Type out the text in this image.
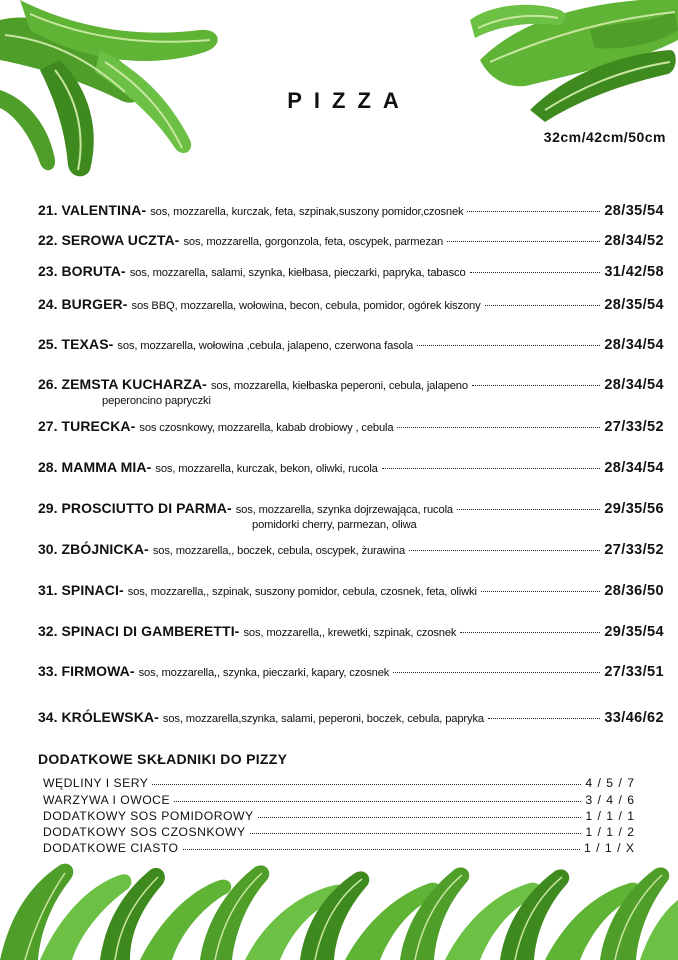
PIZZA
32cm/42cm/50cm
21. VALENTINA- sos, mozzarella, kurczak, feta, szpinak,suszony pomidor,czosnek	28/35/54
22. SEROWA UCZTA- sos, mozzarella, gorgonzola, feta, oscypek, parmezan	28/34/52
23. BORUTA- sos, mozzarella, salami, szynka, kiełbasa, pieczarki, papryka, tabasco	31/42/58
24. BURGER- sos BBQ, mozzarella, wołowina, becon, cebula, pomidor, ogórek kiszony	28/35/54
25. TEXAS- sos, mozzarella, wołowina ,cebula, jalapeno, czerwona fasola	28/34/54
26. ZEMSTA KUCHARZA- sos, mozzarella, kiełbaska peperoni, cebula, jalapeno	28/34/54
peperoncino papryczki
27. TURECKA- sos czosnkowy, mozzarella, kabab drobiowy , cebula	27/33/52
28. MAMMA MIA- sos, mozzarella, kurczak, bekon, oliwki, rucola	28/34/54
29. PROSCIUTTO DI PARMA- sos, mozzarella, szynka dojrzewająca, rucola	29/35/56
pomidorki cherry, parmezan, oliwa
30. ZBÓJNICKA- sos, mozzarella,, boczek, cebula, oscypek, żurawina	27/33/52
31. SPINACI- sos, mozzarella,, szpinak, suszony pomidor, cebula, czosnek, feta, oliwki	28/36/50
32. SPINACI DI GAMBERETTI- sos, mozzarella,, krewetki, szpinak, czosnek	29/35/54
33. FIRMOWA- sos, mozzarella,, szynka, pieczarki, kapary, czosnek	27/33/51
34. KRÓLEWSKA- sos, mozzarella,szynka, salami, peperoni, boczek, cebula, papryka	33/46/62
DODATKOWE SKŁADNIKI DO PIZZY
WĘDLINY I SERY	4 / 5 / 7
WARZYWA I OWOCE	3 / 4 / 6
DODATKOWY SOS POMIDOROWY	1 / 1 / 1
DODATKOWY SOS CZOSNKOWY	1 / 1 / 2
DODATKOWE CIASTO	1 / 1 / X
